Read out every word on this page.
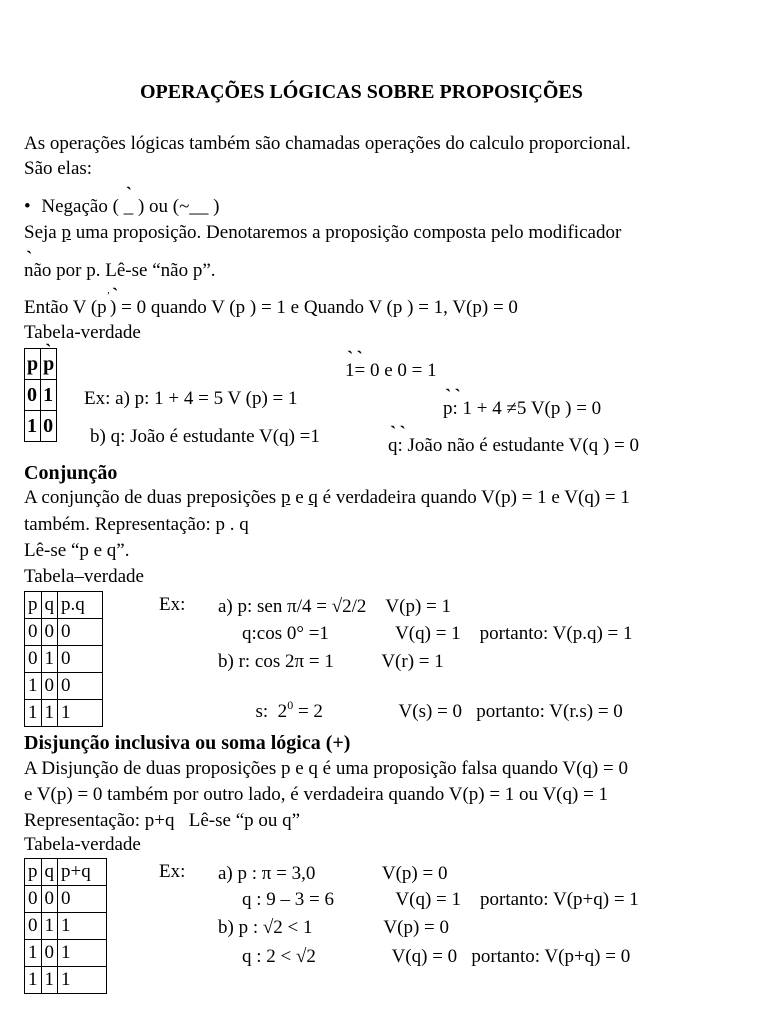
OPERAÇÕES LÓGICAS SOBRE PROPOSIÇÕES
As operações lógicas também são chamadas operações do calculo proporcional.
São elas:
• Negação ( _ ` ) ou (~__ )
Seja p uma proposição. Denotaremos a proposição composta pelo modificador
não por p `. Lê-se “não p”.
Então V (p’) = 0 quando V (p ) = 1 e Quando V (p ` ) = 1, V(p) = 0
Tabela-verdade
p	p `
0	1
1	0
1 `= 0 e 0 ` = 1
Ex: a) p: 1 + 4 = 5 V (p) = 1	p `: 1 + 4 ≠5 V(p ` ) = 0
b) q: João é estudante V(q) =1	q `: João não é estudante V(q ` ) = 0
Conjunção
A conjunção de duas preposições p e q é verdadeira quando V(p) = 1 e V(q) = 1
também. Representação: p . q
Lê-se “p e q”.
Tabela–verdade
p	q	p.q
0	0	0
0	1	0
1	0	0
1	1	1
Ex: a) p: sen π/4 = √2/2    V(p) = 1
q:cos 0° =1              V(q) = 1    portanto: V(p.q) = 1
b) r: cos 2π = 1          V(r) = 1

s:  $2^0 = 2$                V(s) = 0   portanto: V(r.s) = 0

Disjunção inclusiva ou soma lógica (+)
A Disjunção de duas proposições p e q é uma proposição falsa quando V(q) = 0
e V(p) = 0 também por outro lado, é verdadeira quando V(p) = 1 ou V(q) = 1
Representação: p+q   Lê-se “p ou q”
Tabela-verdade
p	q	p+q
0	0	0
0	1	1
1	0	1
1	1	1
Ex: a) p : π = 3,0              V(p) = 0
q : 9 – 3 = 6             V(q) = 1    portanto: V(p+q) = 1
b) p : √2 < 1               V(p) = 0
q : 2 < √2                V(q) = 0   portanto: V(p+q) = 0
